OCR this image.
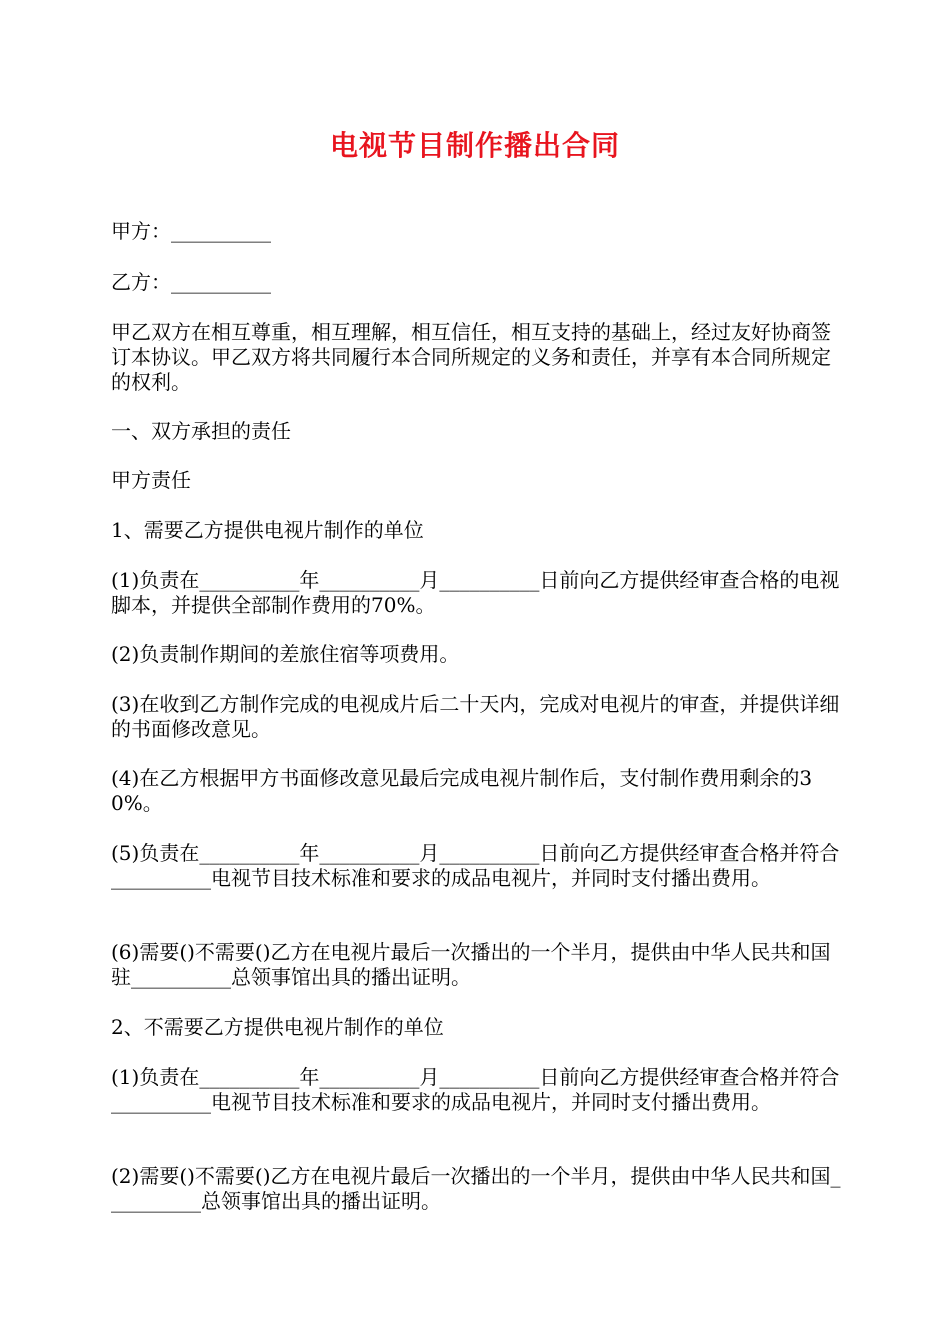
电视节目制作播出合同

甲方：__________

乙方：__________

甲乙双方在相互尊重，相互理解，相互信任，相互支持的基础上，经过友好协商签订本协议。甲乙双方将共同履行本合同所规定的义务和责任，并享有本合同所规定的权利。

一、双方承担的责任

甲方责任

1、需要乙方提供电视片制作的单位

(1)负责在__________年__________月__________日前向乙方提供经审查合格的电视脚本，并提供全部制作费用的70%。

(2)负责制作期间的差旅住宿等项费用。

(3)在收到乙方制作完成的电视成片后二十天内，完成对电视片的审查，并提供详细的书面修改意见。

(4)在乙方根据甲方书面修改意见最后完成电视片制作后，支付制作费用剩余的30%。

(5)负责在__________年__________月__________日前向乙方提供经审查合格并符合__________电视节目技术标准和要求的成品电视片，并同时支付播出费用。

(6)需要()不需要()乙方在电视片最后一次播出的一个半月，提供由中华人民共和国驻__________总领事馆出具的播出证明。

2、不需要乙方提供电视片制作的单位

(1)负责在__________年__________月__________日前向乙方提供经审查合格并符合__________电视节目技术标准和要求的成品电视片，并同时支付播出费用。

(2)需要()不需要()乙方在电视片最后一次播出的一个半月，提供由中华人民共和国__________总领事馆出具的播出证明。
